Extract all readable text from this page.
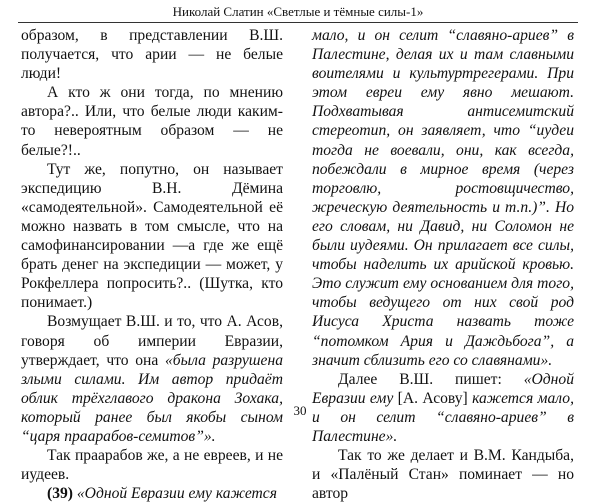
Николай Слатин «Светлые и тёмные силы-1»

образом, в представлении В.Ш. получается, что арии — не белые люди!

А кто ж они тогда, по мнению автора?.. Или, что белые люди каким-то невероятным образом — не белые?!..

Тут же, попутно, он называет экспедицию В.Н. Дёмина «самодеятельной». Самодеятельной её можно назвать в том смысле, что на самофинансировании —а где же ещё брать денег на экспедиции — может, у Рокфеллера попросить?.. (Шутка, кто понимает.)

Возмущает В.Ш. и то, что А. Асов, говоря об империи Евразии, утверждает, что она «была разрушена злыми силами. Им автор придаёт облик трёхглавого дракона Зохака, который ранее был якобы сыном “царя праарабов-семитов”».

Так праарабов же, а не евреев, и не иудеев.

(39) «Одной Евразии ему кажется

мало, и он селит “славяно-ариев” в Палестине, делая их и там славными воителями и культуртрегерами. При этом евреи ему явно мешают. Подхватывая антисемитский стереотип, он заявляет, что “иудеи тогда не воевали, они, как всегда, побеждали в мирное время (через торговлю, ростовщичество, жреческую деятельность и т.п.)”. Но его словам, ни Давид, ни Соломон не были иудеями. Он прилагает все силы, чтобы наделить их арийской кровью. Это служит ему основанием для того, чтобы ведущего от них свой род Иисуса Христа назвать тоже “потомком Ария и Даждьбога”, а значит сблизить его со славянами».

Далее В.Ш. пишет: «Одной Евразии ему [А. Асову] кажется мало, и он селит “славяно-ариев” в Палестине».

Так то же делает и В.М. Кандыба, и «Палёный Стан» поминает — но автор

30
